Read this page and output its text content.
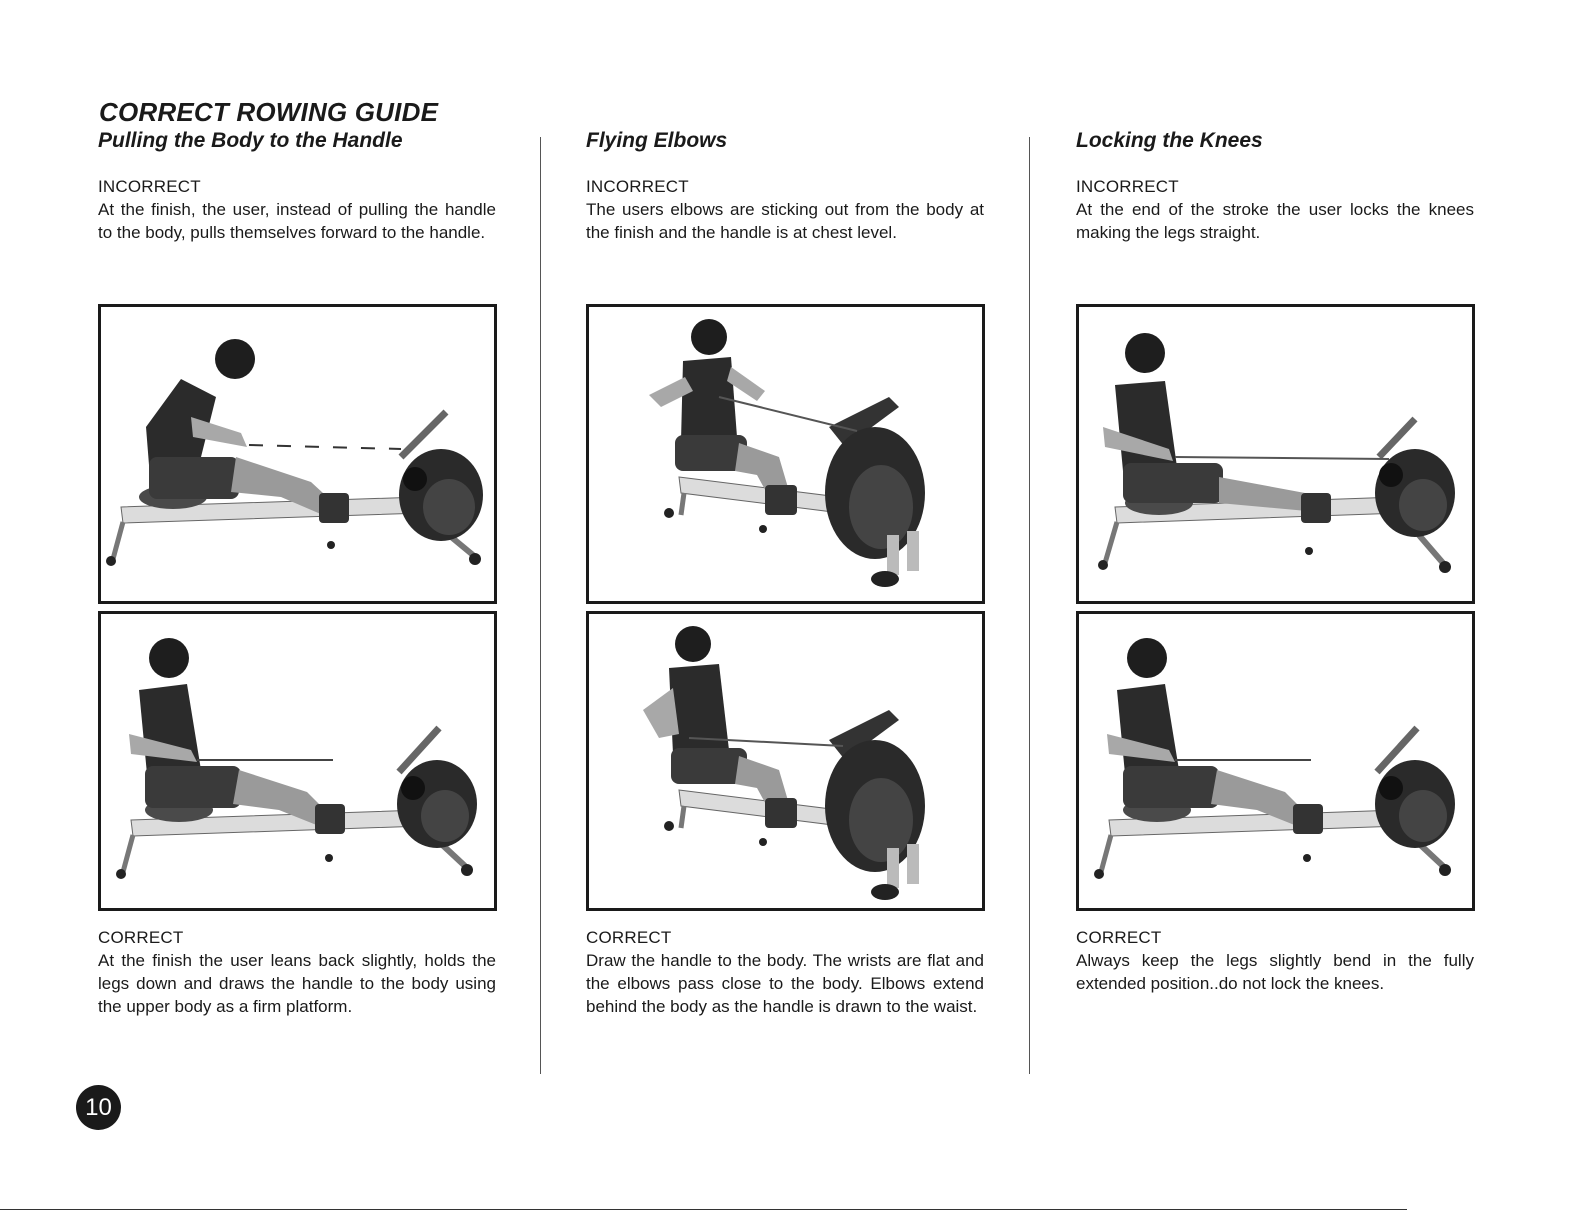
CORRECT ROWING GUIDE
Pulling the Body to the Handle

INCORRECT

At the finish, the user, instead of pulling the handle to the body, pulls themselves forward to the handle.

CORRECT

At the finish the user leans back slightly, holds the legs down and draws the handle to the body using the upper body as a firm platform.

Flying Elbows

INCORRECT

The users elbows are sticking out from the body at the finish and the handle is at chest level.

CORRECT

Draw the handle to the body. The wrists are flat and the elbows pass close to the body. Elbows extend behind the body as the handle is drawn to the waist.

Locking the Knees

INCORRECT

At the end of the stroke the user locks the knees making the legs straight.

CORRECT

Always keep the legs slightly bend in the fully extended position..do not lock the knees.

10
